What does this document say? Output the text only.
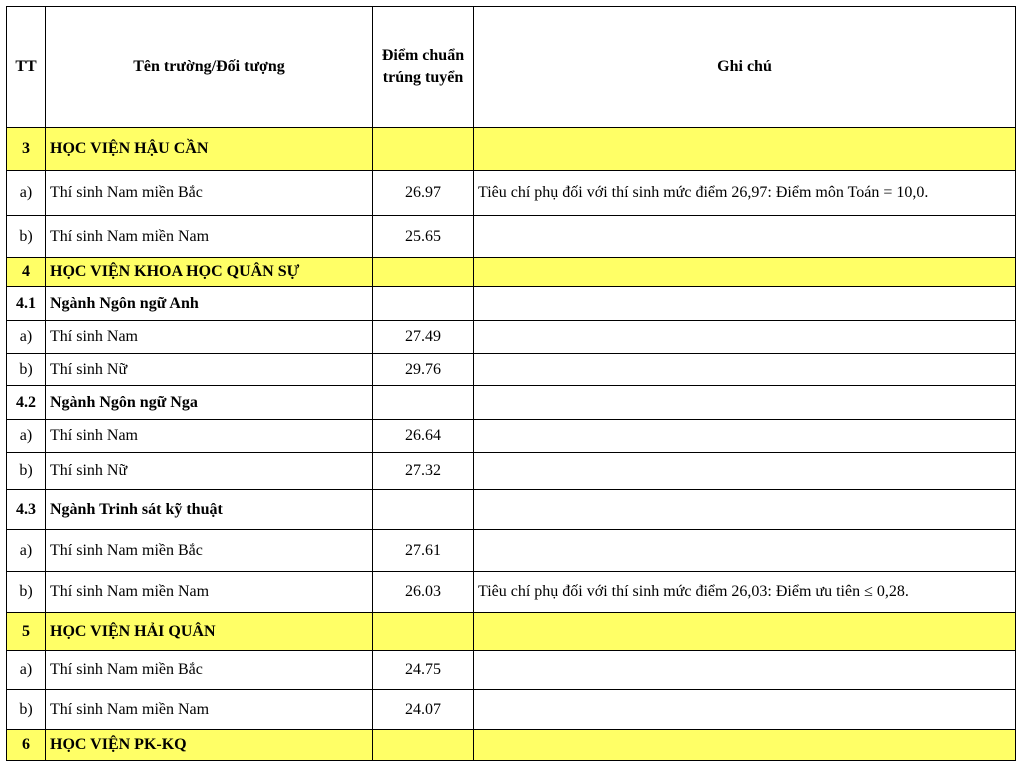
TT	Tên trường/Đối tượng	Điểm chuẩn trúng tuyển	Ghi chú
3	HỌC VIỆN HẬU CẦN		
a)	Thí sinh Nam miền Bắc	26.97	Tiêu chí phụ đối với thí sinh mức điểm 26,97: Điểm môn Toán = 10,0.
b)	Thí sinh Nam miền Nam	25.65	
4	HỌC VIỆN KHOA HỌC QUÂN SỰ		
4.1	Ngành Ngôn ngữ Anh		
a)	Thí sinh Nam	27.49	
b)	Thí sinh Nữ	29.76	
4.2	Ngành Ngôn ngữ Nga		
a)	Thí sinh Nam	26.64	
b)	Thí sinh Nữ	27.32	
4.3	Ngành Trinh sát kỹ thuật		
a)	Thí sinh Nam miền Bắc	27.61	
b)	Thí sinh Nam miền Nam	26.03	Tiêu chí phụ đối với thí sinh mức điểm 26,03: Điểm ưu tiên ≤ 0,28.
5	HỌC VIỆN HẢI QUÂN		
a)	Thí sinh Nam miền Bắc	24.75	
b)	Thí sinh Nam miền Nam	24.07	
6	HỌC VIỆN PK-KQ		
